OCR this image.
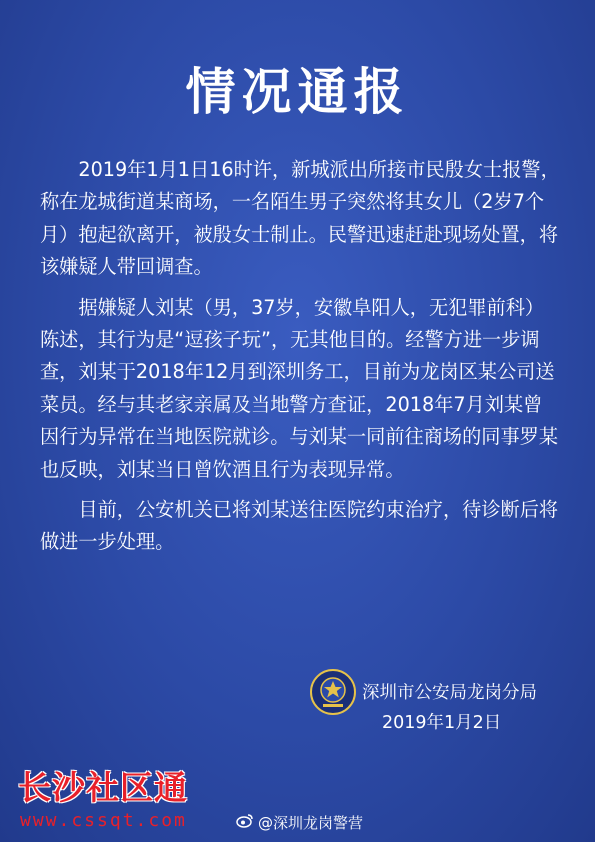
情况通报

2019年1月1日16时许，新城派出所接市民殷女士报警，称在龙城街道某商场，一名陌生男子突然将其女儿（2岁7个月）抱起欲离开，被殷女士制止。民警迅速赶赴现场处置，将该嫌疑人带回调查。

据嫌疑人刘某（男，37岁，安徽阜阳人，无犯罪前科）陈述，其行为是“逗孩子玩”，无其他目的。经警方进一步调查，刘某于2018年12月到深圳务工，目前为龙岗区某公司送菜员。经与其老家亲属及当地警方查证，2018年7月刘某曾因行为异常在当地医院就诊。与刘某一同前往商场的同事罗某也反映，刘某当日曾饮酒且行为表现异常。

目前，公安机关已将刘某送往医院约束治疗，待诊断后将做进一步处理。

深圳市公安局龙岗分局
2019年1月2日
长沙社区通
www.cssqt.com	@深圳龙岗警营
